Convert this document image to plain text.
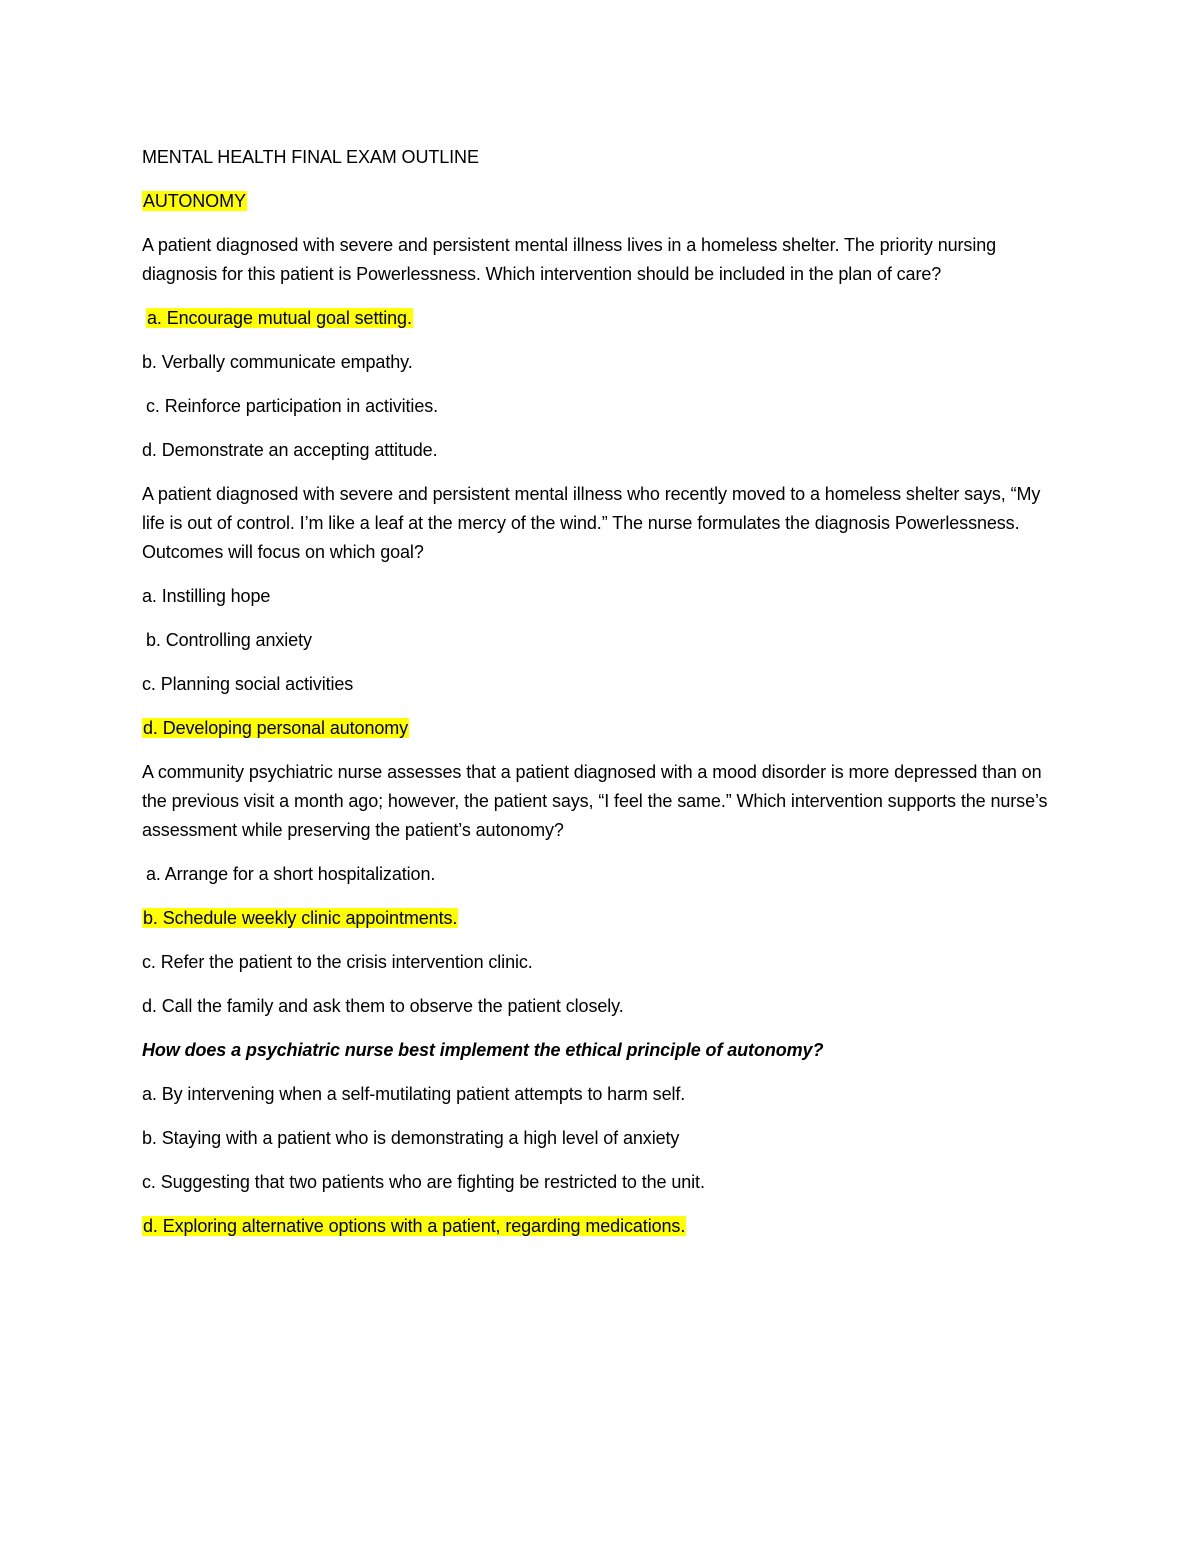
MENTAL HEALTH FINAL EXAM OUTLINE

AUTONOMY

A patient diagnosed with severe and persistent mental illness lives in a homeless shelter. The priority nursing diagnosis for this patient is Powerlessness. Which intervention should be included in the plan of care?

a. Encourage mutual goal setting.

b. Verbally communicate empathy.

c. Reinforce participation in activities.

d. Demonstrate an accepting attitude.

A patient diagnosed with severe and persistent mental illness who recently moved to a homeless shelter says, “My life is out of control. I’m like a leaf at the mercy of the wind.” The nurse formulates the diagnosis Powerlessness. Outcomes will focus on which goal?

a. Instilling hope

b. Controlling anxiety

c. Planning social activities

d. Developing personal autonomy

A community psychiatric nurse assesses that a patient diagnosed with a mood disorder is more depressed than on the previous visit a month ago; however, the patient says, “I feel the same.” Which intervention supports the nurse’s assessment while preserving the patient’s autonomy?

a. Arrange for a short hospitalization.

b. Schedule weekly clinic appointments.

c. Refer the patient to the crisis intervention clinic.

d. Call the family and ask them to observe the patient closely.

How does a psychiatric nurse best implement the ethical principle of autonomy?

a. By intervening when a self-mutilating patient attempts to harm self.

b. Staying with a patient who is demonstrating a high level of anxiety

c. Suggesting that two patients who are fighting be restricted to the unit.

d. Exploring alternative options with a patient, regarding medications.
